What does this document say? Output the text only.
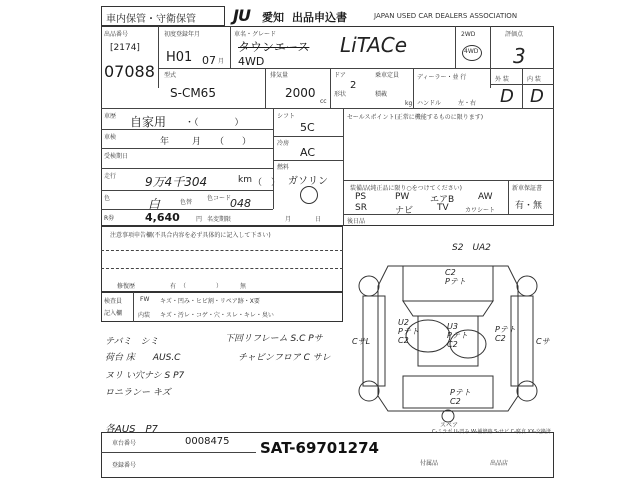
車内保管・守衛保管 JU 愛知 出品申込書	JAPAN USED CAR DEALERS ASSOCIATION
出品番号
[2174]
07088
初度登録年月
H01 07 月
車名・グレード
タウンエース LiTACe
4WD
2WD
4WD
評価点
3
型式
S-CM65
排気量
2000
cc
ドア
2
乗車定員
形状	積載
kg
ディーラー・並 行
ハンドル	左・右
外 装	内 装
D D
車歴 自家用 ・（　　　　）
車検	年	月 （　　）
受検期日
走行 9万4千304	km （　）
色	白	色替
色コード
048
R券	4,640	円 名変期限	月	日
シフト
5C
冷房
AC
燃料
ガソリン
セールスポイント(正常に機能するものに限ります)
装備品(純正品に限り○をつけてください)
PS	PW エアB	AW
SR	ナビ	TV	カワシート
新車保証書
有・無
後日品
注意事項申告欄(不具合内容を必ず具体的に記入して下さい)
修復歴	有 （　　　　　）	無
検査員
記入欄
FW キズ・凹み・ヒビ割・リペア跡・X要
内装 キズ・汚レ・コゲ・穴・スレ・キレ・臭い
テバミ　シミ	下回リフレーム S.C Pサ
荷台 床　　AUS.C	チャビンフロア C サレ
ヌリ い穴ナシ S P7
ロニランー キズ
各AUS　P7
S2　UA2
C2
Pテト
U2
Pテト
C2
U3
Pテト
C2
Pテト
C2
CサL	Cサ
Pテト
C2
スペア
C-ミラボ U-凹み W-補修跡 S-サビ C-腐食 XX-交換済
車台番号	0008475
登録番号	付属品	出品店
SAT-69701274
